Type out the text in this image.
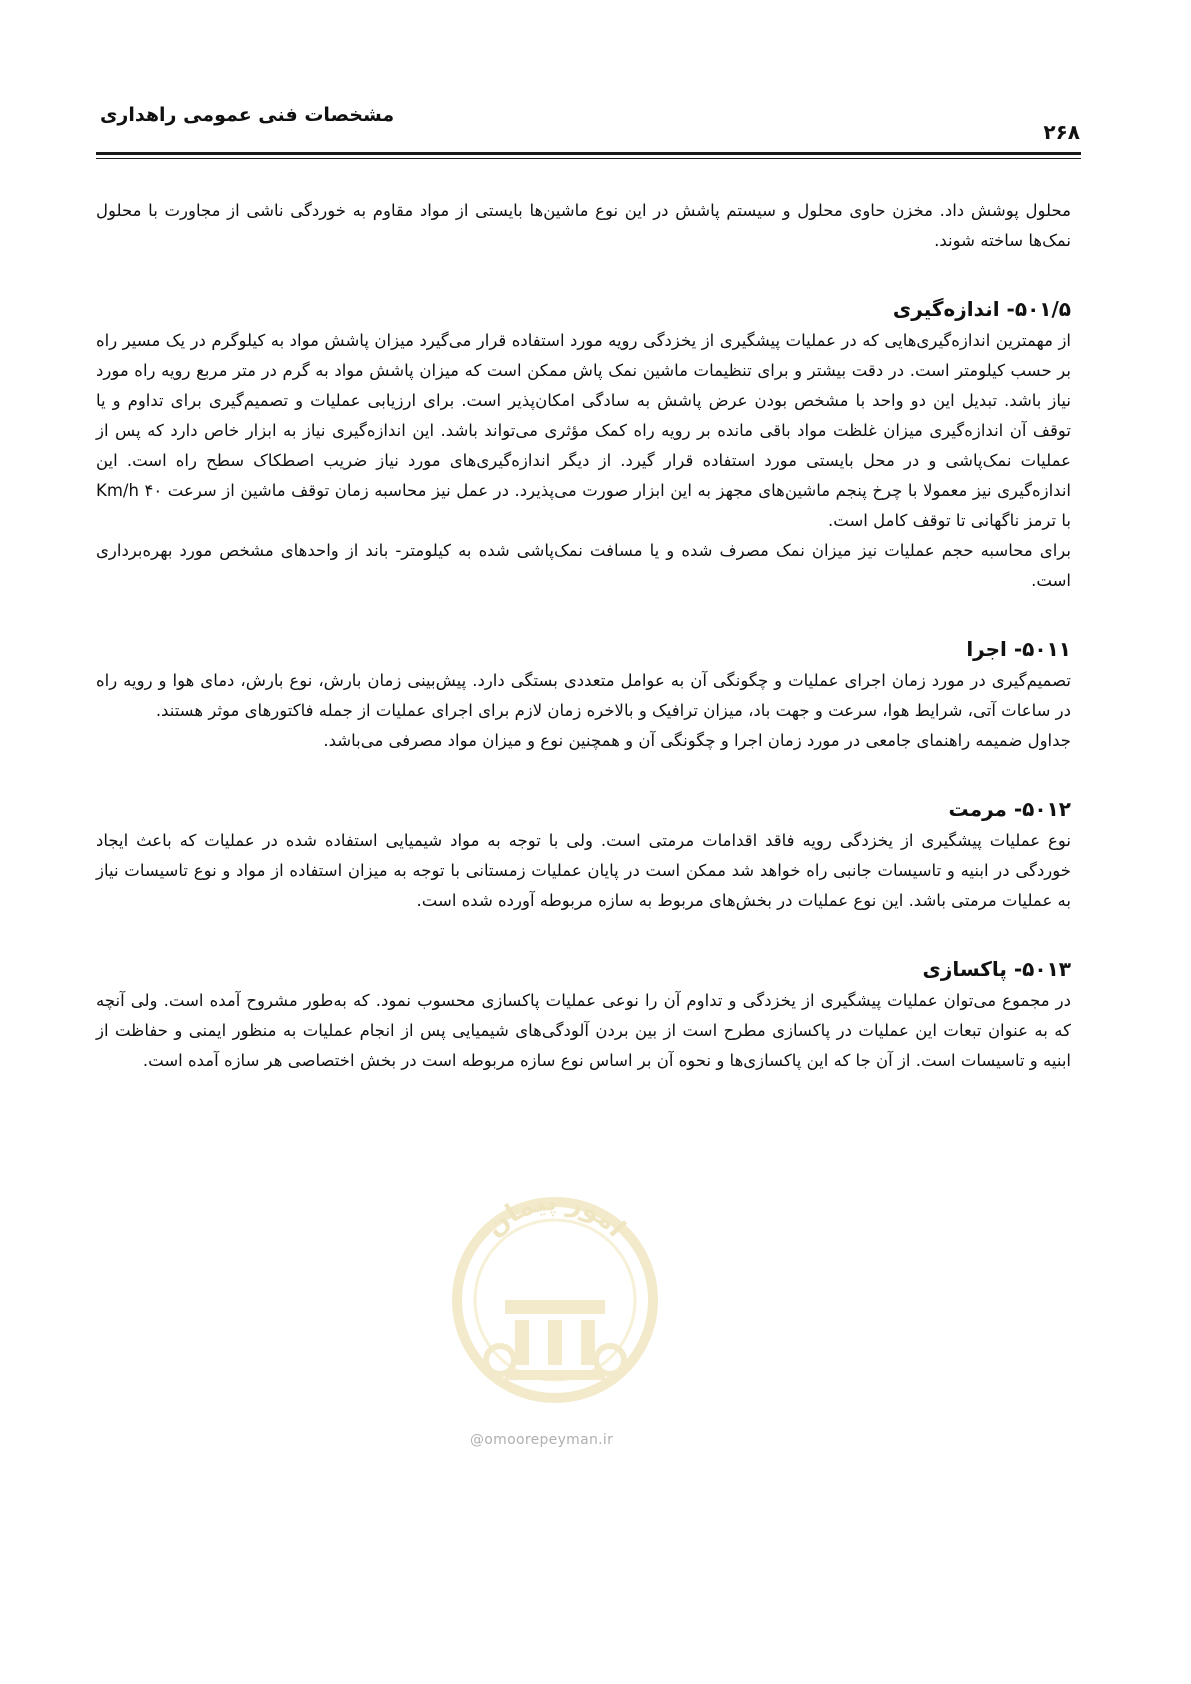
مشخصات فنی عمومی راهداری
۲۶۸

محلول پوشش داد. مخزن حاوی محلول و سیستم پاشش در این نوع ماشین‌ها بایستی از مواد مقاوم به خوردگی ناشی از مجاورت با محلول نمک‌ها ساخته شوند.

۵۰۱/۵- اندازه‌گیری

از مهمترین اندازه‌گیری‌هایی که در عملیات پیشگیری از یخزدگی رویه مورد استفاده قرار می‌گیرد میزان پاشش مواد به کیلوگرم در یک مسیر راه بر حسب کیلومتر است. در دقت بیشتر و برای تنظیمات ماشین نمک پاش ممکن است که میزان پاشش مواد به گرم در متر مربع رویه راه مورد نیاز باشد. تبدیل این دو واحد با مشخص بودن عرض پاشش به سادگی امکان‌پذیر است. برای ارزیابی عملیات و تصمیم‌گیری برای تداوم و یا توقف آن اندازه‌گیری میزان غلظت مواد باقی مانده بر رویه راه کمک مؤثری می‌تواند باشد. این اندازه‌گیری نیاز به ابزار خاص دارد که پس از عملیات نمک‌پاشی و در محل بایستی مورد استفاده قرار گیرد. از دیگر اندازه‌گیری‌های مورد نیاز ضریب اصطکاک سطح راه است. این اندازه‌گیری نیز معمولا با چرخ پنجم ماشین‌های مجهز به این ابزار صورت می‌پذیرد. در عمل نیز محاسبه زمان توقف ماشین از سرعت ۴۰ Km/h با ترمز ناگهانی تا توقف کامل است.

برای محاسبه حجم عملیات نیز میزان نمک مصرف شده و یا مسافت نمک‌پاشی شده به کیلومتر- باند از واحدهای مشخص مورد بهره‌برداری است.

۵۰۱۱- اجرا

تصمیم‌گیری در مورد زمان اجرای عملیات و چگونگی آن به عوامل متعددی بستگی دارد. پیش‌بینی زمان بارش، نوع بارش، دمای هوا و رویه راه در ساعات آتی، شرایط هوا، سرعت و جهت باد، میزان ترافیک و بالاخره زمان لازم برای اجرای عملیات از جمله فاکتورهای موثر هستند.

جداول ضمیمه راهنمای جامعی در مورد زمان اجرا و چگونگی آن و همچنین نوع و میزان مواد مصرفی می‌باشد.

۵۰۱۲- مرمت

نوع عملیات پیشگیری از یخزدگی رویه فاقد اقدامات مرمتی است. ولی با توجه به مواد شیمیایی استفاده شده در عملیات که باعث ایجاد خوردگی در ابنیه و تاسیسات جانبی راه خواهد شد ممکن است در پایان عملیات زمستانی با توجه به میزان استفاده از مواد و نوع تاسیسات نیاز به عملیات مرمتی باشد. این نوع عملیات در بخش‌های مربوط به سازه مربوطه آورده شده است.

۵۰۱۳- پاکسازی

در مجموع می‌توان عملیات پیشگیری از یخزدگی و تداوم آن را نوعی عملیات پاکسازی محسوب نمود. که به‌طور مشروح آمده است. ولی آنچه که به عنوان تبعات این عملیات در پاکسازی مطرح است از بین بردن آلودگی‌های شیمیایی پس از انجام عملیات به منظور ایمنی و حفاظت از ابنیه و تاسیسات است. از آن جا که این پاکسازی‌ها و نحوه آن بر اساس نوع سازه مربوطه است در بخش اختصاصی هر سازه آمده است.

امور پیمان
@omoorepeyman.ir
